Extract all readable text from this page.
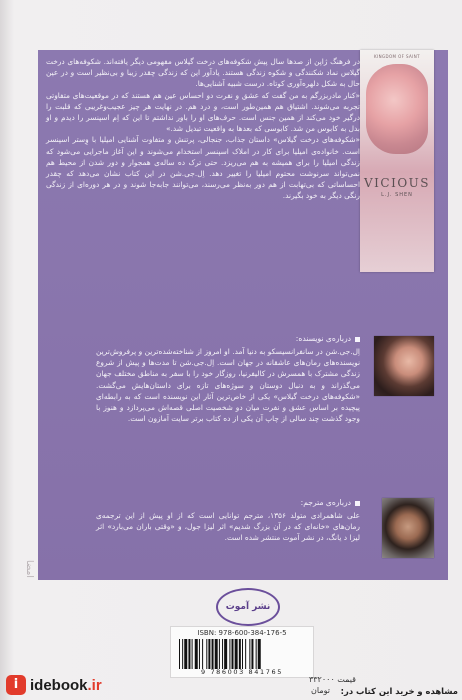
امضا

در فرهنگ ژاپن از صدها سال پیش شکوفه‌های درخت گیلاس مفهومی دیگر یافته‌اند. شکوفه‌های درخت گیلاس نماد شکنندگی و شکوه زندگی هستند. یادآور این که زندگی چقدر زیبا و بی‌نظیر است و در عین حال به شکل دلهره‌آوری کوتاه. درست شبیه آشنایی‌ها.

«کنار مادربزرگم به من گفت که عشق و نفرت دو احساس عین هم هستند که در موقعیت‌های متفاوتی تجربه می‌شوند. اشتیاق هم همین‌طور است، و درد هم. در نهایت هر چیز عجیب‌وغریبی که قلبت را درگیر خود می‌کند از همین جنس است. حرف‌های او را باور نداشتم تا این که اِم اسپنسر را دیدم و او بدل به کابوس من شد. کابوسی که بعدها به واقعیت تبدیل شد.»

«شکوفه‌های درخت گیلاس» داستان جذاب، جنجالی، پرتنش و متفاوت آشنایی امیلیا با وِستر اسپنسر است. خانواده‌ی امیلیا برای کار در املاک اسپنسر استخدام می‌شوند و این آغاز ماجرایی می‌شود که زندگی امیلیا را برای همیشه به هم می‌ریزد. حتی ترک ده ساله‌ی همجوار و دور شدن از محیط هم نمی‌تواند سرنوشت محتوم امیلیا را تغییر دهد. اِل.جی.شن در این کتاب نشان می‌دهد که چقدر احساساتی که بی‌تهابت از هم دور به‌نظر می‌رسند، می‌توانند جابه‌جا شوند و در هر دوره‌ای از زندگی رنگی دیگر به خود بگیرند.

KINGDOM OF SAINT
VICIOUS
L.J. SHEN

درباره‌ی نویسنده:

اِل.جی.شن در سانفرانسیسکو به دنیا آمد. او امروز از شناخته‌شده‌ترین و پرفروش‌ترین نویسنده‌های رمان‌های عاشقانه در جهان است. اِل.جی.شن تا مدت‌ها و پیش از شروع زندگی مشترک با همسرش در کالیفرنیا، روزگار خود را با سفر به مناطق مختلف جهان می‌گذراند و به دنبال دوستان و سوژه‌های تازه برای داستان‌هایش می‌گشت. «شکوفه‌های درخت گیلاس» یکی از خاص‌ترین آثار این نویسنده است که به رابطه‌ای پیچیده بر اساس عشق و نفرت میان دو شخصیت اصلی قصه‌اش می‌پردازد و هنوز با وجود گذشت چند سالی از چاپ آن یکی از ده کتاب برتر سایت آمازون است.

درباره‌ی مترجم:

علی شاهمرادی متولد ۱۳۵۶، مترجم توانایی است که از او پیش از این ترجمه‌ی رمان‌های «خانه‌ای که در آن بزرگ شدیم» اثر لیزا جول، و «وقتی باران می‌بارد» اثر لیزا د یانگ، در نشر آموت منتشر شده است.

نشر آموت
ISBN: 978-600-384-176-5
9 786003 841765
قیمت ۳۳۲۰۰۰
تومان
i idebook.ir	مشاهده و خرید این کتاب در:
